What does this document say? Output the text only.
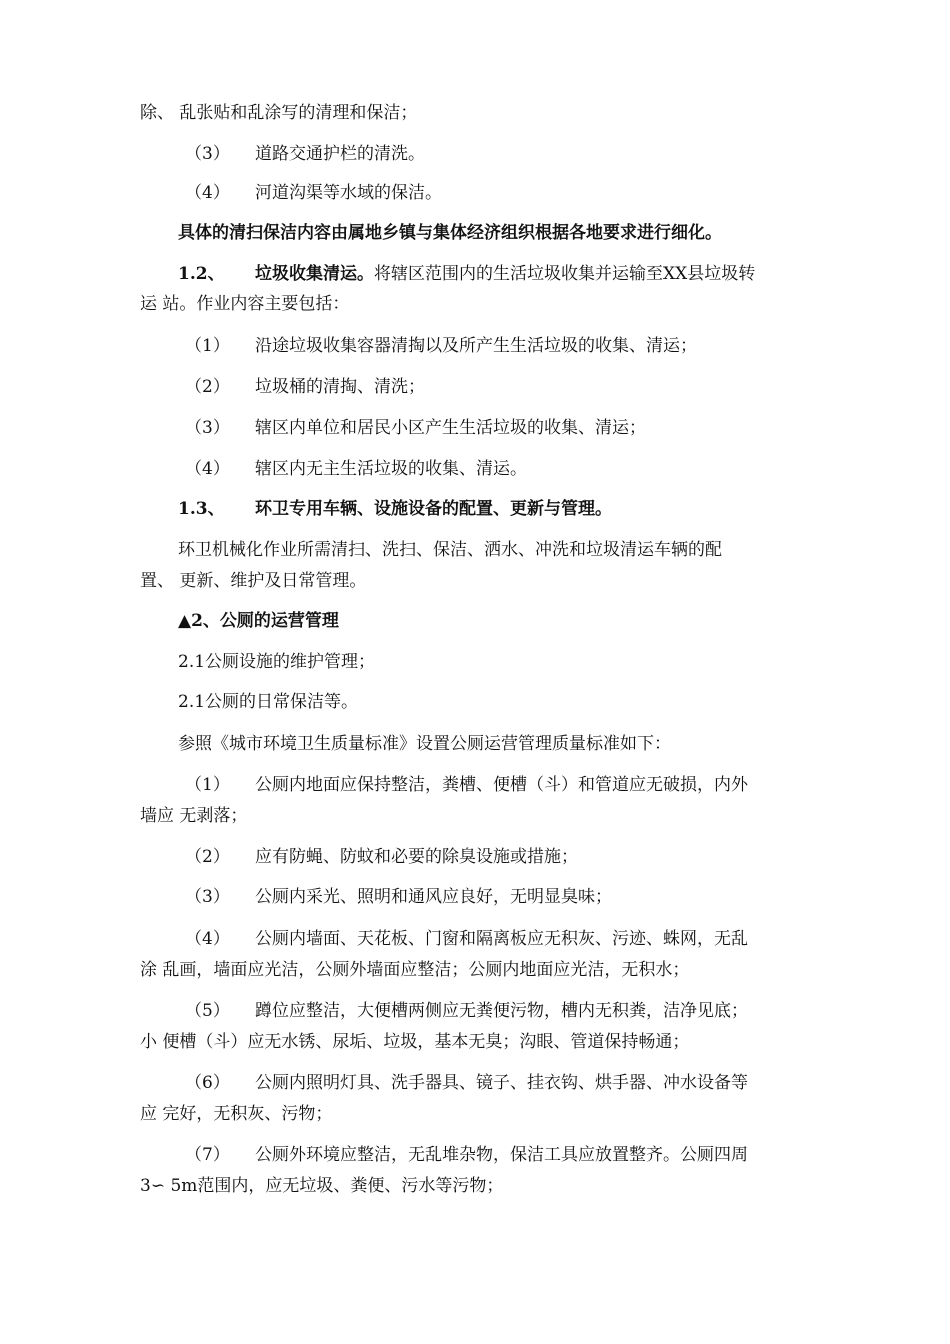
除、 乱张贴和乱涂写的清理和保洁；
（3） 道路交通护栏的清洗。
（4） 河道沟渠等水域的保洁。
具体的清扫保洁内容由属地乡镇与集体经济组织根据各地要求进行细化。
1.2、 垃圾收集清运。将辖区范围内的生活垃圾收集并运输至XX县垃圾转
运 站。作业内容主要包括：
（1） 沿途垃圾收集容器清掏以及所产生生活垃圾的收集、清运；
（2） 垃圾桶的清掏、清洗；
（3） 辖区内单位和居民小区产生生活垃圾的收集、清运；
（4） 辖区内无主生活垃圾的收集、清运。
1.3、 环卫专用车辆、设施设备的配置、更新与管理。
环卫机械化作业所需清扫、洗扫、保洁、洒水、冲洗和垃圾清运车辆的配
置、 更新、维护及日常管理。
▲2、公厕的运营管理
2.1公厕设施的维护管理；
2.1公厕的日常保洁等。
参照《城市环境卫生质量标准》设置公厕运营管理质量标准如下：
（1） 公厕内地面应保持整洁，粪槽、便槽（斗）和管道应无破损，内外
墙应 无剥落；
（2） 应有防蝇、防蚊和必要的除臭设施或措施；
（3） 公厕内采光、照明和通风应良好，无明显臭味；
（4） 公厕内墙面、天花板、门窗和隔离板应无积灰、污迹、蛛网，无乱
涂 乱画，墙面应光洁，公厕外墙面应整洁；公厕内地面应光洁，无积水；
（5） 蹲位应整洁，大便槽两侧应无粪便污物，槽内无积粪，洁净见底；
小 便槽（斗）应无水锈、尿垢、垃圾，基本无臭；沟眼、管道保持畅通；
（6） 公厕内照明灯具、洗手器具、镜子、挂衣钩、烘手器、冲水设备等
应 完好，无积灰、污物；
（7） 公厕外环境应整洁，无乱堆杂物，保洁工具应放置整齐。公厕四周
3∽ 5m范围内，应无垃圾、粪便、污水等污物；
